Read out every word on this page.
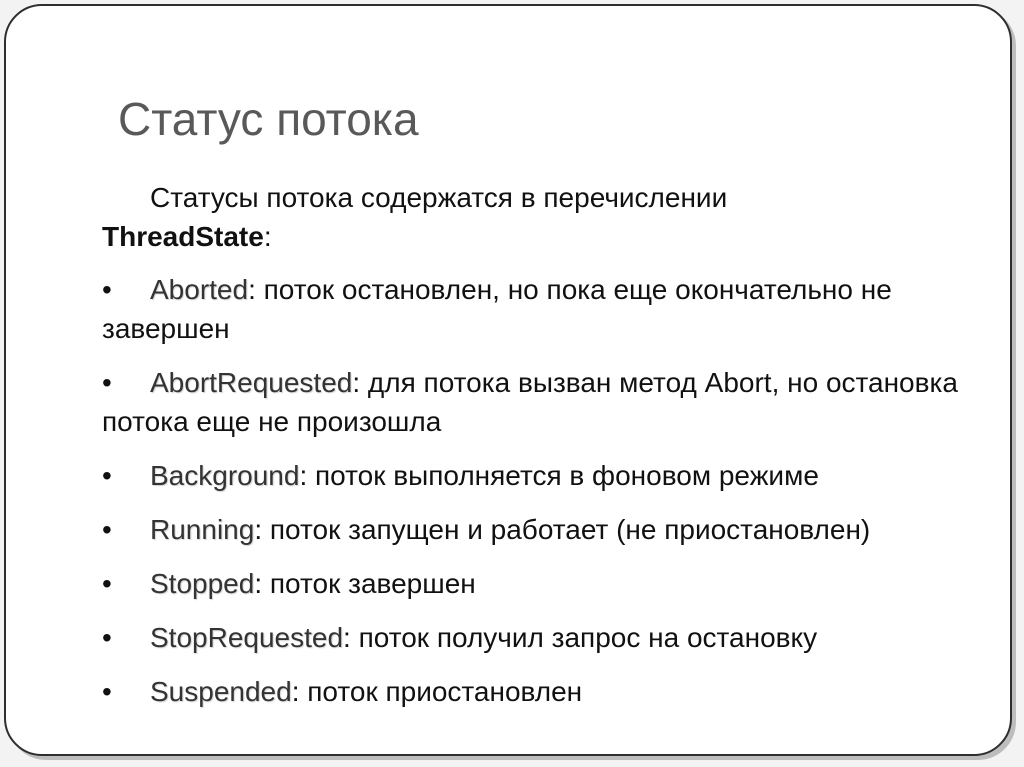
Статус потока
Статусы потока содержатся в перечислении
ThreadState:
• Aborted: поток остановлен, но пока еще окончательно не завершен
• AbortRequested: для потока вызван метод Abort, но остановка потока еще не произошла
• Background: поток выполняется в фоновом режиме
• Running: поток запущен и работает (не приостановлен)
• Stopped: поток завершен
• StopRequested: поток получил запрос на остановку
• Suspended: поток приостановлен
